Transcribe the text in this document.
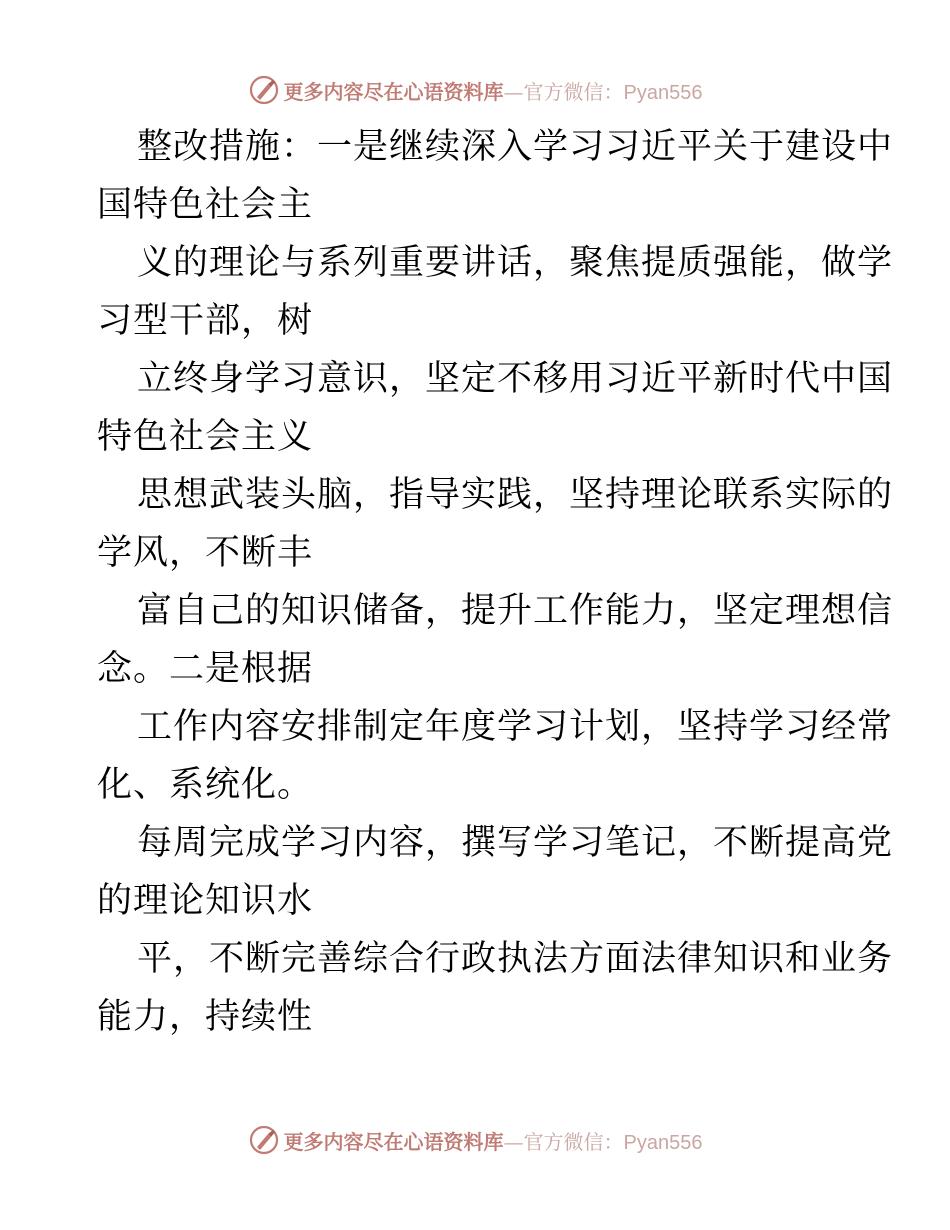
更多内容尽在心语资料库—官方微信：Pyan556
整改措施：一是继续深入学习习近平关于建设中
国特色社会主
义的理论与系列重要讲话，聚焦提质强能，做学
习型干部，树
立终身学习意识，坚定不移用习近平新时代中国
特色社会主义
思想武装头脑，指导实践，坚持理论联系实际的
学风，不断丰
富自己的知识储备，提升工作能力，坚定理想信
念。二是根据
工作内容安排制定年度学习计划，坚持学习经常
化、系统化。
每周完成学习内容，撰写学习笔记，不断提高党
的理论知识水
平，不断完善综合行政执法方面法律知识和业务
能力，持续性
更多内容尽在心语资料库—官方微信：Pyan556
